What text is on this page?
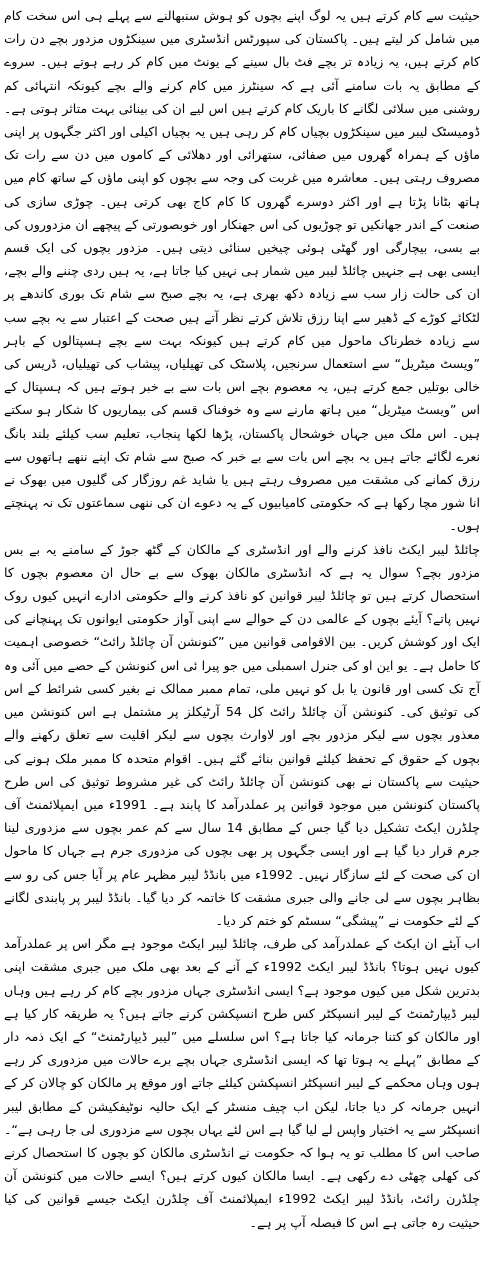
حیثیت سے کام کرتے ہیں یہ لوگ اپنے بچوں کو ہوش سنبھالنے سے پہلے ہی اس سخت کام میں شامل کر لیتے ہیں۔ پاکستان کی سپورٹس انڈسٹری میں سینکڑوں مزدور بچے دن رات کام کرتے ہیں، یہ زیادہ تر بچے فٹ بال سینے کے یونٹ میں کام کر رہے ہوتے ہیں۔ سروے کے مطابق یہ بات سامنے آئی ہے کہ سینٹرز میں کام کرنے والے بچے کیونکہ انتہائی کم روشنی میں سلائی لگانے کا باریک کام کرتے ہیں اس لیے ان کی بینائی بہت متاثر ہوتی ہے۔ ڈومیسٹک لیبر میں سینکڑوں بچیاں کام کر رہی ہیں یہ بچیاں اکیلی اور اکثر جگہوں پر اپنی ماؤں کے ہمراہ گھروں میں صفائی، ستھرائی اور دھلائی کے کاموں میں دن سے رات تک مصروف رہتی ہیں۔ معاشرہ میں غربت کی وجہ سے بچوں کو اپنی ماؤں کے ساتھ کام میں ہاتھ بٹانا پڑتا ہے اور اکثر دوسرے گھروں کا کام کاج بھی کرتی ہیں۔ چوڑی سازی کی صنعت کے اندر جھانکیں تو چوڑیوں کی اس جھنکار اور خوبصورتی کے پیچھے ان مزدوروں کی بے بسی، بیچارگی اور گھٹی ہوئی چیخیں سنائی دیتی ہیں۔ مزدور بچوں کی ایک قسم ایسی بھی ہے جنہیں چائلڈ لیبر میں شمار ہی نہیں کیا جاتا ہے، یہ ہیں ردی چننے والے بچے، ان کی حالت زار سب سے زیادہ دکھ بھری ہے، یہ بچے صبح سے شام تک بوری کاندھے پر لٹکائے کوڑے کے ڈھیر سے اپنا رزق تلاش کرتے نظر آتے ہیں صحت کے اعتبار سے یہ بچے سب سے زیادہ خطرناک ماحول میں کام کرتے ہیں کیونکہ بہت سے بچے ہسپتالوں کے باہر ”ویسٹ میٹریل“ سے استعمال سرنجیں، پلاسٹک کی تھیلیاں، پیشاب کی تھیلیاں، ڈریس کی خالی بوتلیں جمع کرتے ہیں، یہ معصوم بچے اس بات سے بے خبر ہوتے ہیں کہ ہسپتال کے اس ”ویسٹ میٹریل“ میں ہاتھ مارنے سے وہ خوفناک قسم کی بیماریوں کا شکار ہو سکتے ہیں۔ اس ملک میں جہاں خوشحال پاکستان، پڑھا لکھا پنجاب، تعلیم سب کیلئے بلند بانگ نعرے لگائے جاتے ہیں یہ بچے اس بات سے بے خبر کہ صبح سے شام تک اپنے ننھے ہاتھوں سے رزق کمانے کی مشقت میں مصروف رہتے ہیں یا شاید غم روزگار کی گلیوں میں بھوک نے انا شور مچا رکھا ہے کہ حکومتی کامیابیوں کے یہ دعوے ان کی ننھی سماعتوں تک نہ پہنچتے ہوں۔

چائلڈ لیبر ایکٹ نافذ کرنے والے اور انڈسٹری کے مالکان کے گٹھ جوڑ کے سامنے یہ بے بس مزدور بچے؟ سوال یہ ہے کہ انڈسٹری مالکان بھوک سے بے حال ان معصوم بچوں کا استحصال کرتے ہیں تو چائلڈ لیبر قوانین کو نافذ کرنے والے حکومتی ادارے انہیں کیوں روک نہیں پاتے؟ آیئے بچوں کے عالمی دن کے حوالے سے اپنی آواز حکومتی ایوانوں تک پہنچانے کی ایک اور کوشش کریں۔ بین الاقوامی قوانین میں ”کنونشن آن چائلڈ رائٹ“ خصوصی اہمیت کا حامل ہے۔ یو این او کی جنرل اسمبلی میں جو پیرا ئی اس کنونشن کے حصے میں آئی وہ آج تک کسی اور قانون یا بل کو نہیں ملی، تمام ممبر ممالک نے بغیر کسی شرائط کے اس کی توثیق کی۔ کنونشن آن چائلڈ رائٹ کل 54 آرٹیکلز پر مشتمل ہے اس کنونشن میں معذور بچوں سے لیکر مزدور بچے اور لاوارث بچوں سے لیکر اقلیت سے تعلق رکھنے والے بچوں کے حقوق کے تحفظ کیلئے قوانین بنائے گئے ہیں۔ اقوام متحدہ کا ممبر ملک ہونے کی حیثیت سے پاکستان نے بھی کنونشن آن چائلڈ رائٹ کی غیر مشروط توثیق کی اس طرح پاکستان کنونشن میں موجود قوانین پر عملدرآمد کا پابند ہے۔ 1991ء میں ایمپلائمنٹ آف چلڈرن ایکٹ تشکیل دیا گیا جس کے مطابق 14 سال سے کم عمر بچوں سے مزدوری لینا جرم قرار دیا گیا ہے اور ایسی جگہوں پر بھی بچوں کی مزدوری جرم ہے جہاں کا ماحول ان کی صحت کے لئے سازگار نہیں۔ 1992ء میں بانڈڈ لیبر مظہر عام پر آیا جس کی رو سے بظاہر بچوں سے لی جانے والی جبری مشقت کا خاتمہ کر دیا گیا۔ بانڈڈ لیبر پر پابندی لگانے کے لئے حکومت نے ”پیشگی“ سسٹم کو ختم کر دیا۔

اب آیئے ان ایکٹ کے عملدرآمد کی طرف، چائلڈ لیبر ایکٹ موجود ہے مگر اس پر عملدرآمد کیوں نہیں ہوتا؟ بانڈڈ لیبر ایکٹ 1992ء کے آنے کے بعد بھی ملک میں جبری مشقت اپنی بدترین شکل میں کیوں موجود ہے؟ ایسی انڈسٹری جہاں مزدور بچے کام کر رہے ہیں وہاں لیبر ڈیپارٹمنٹ کے لیبر انسپکٹر کس طرح انسپکشن کرنے جاتے ہیں؟ یہ طریقہ کار کیا ہے اور مالکان کو کتنا جرمانہ کیا جاتا ہے؟ اس سلسلے میں ”لیبر ڈیپارٹمنٹ“ کے ایک ذمہ دار کے مطابق ”پہلے یہ ہوتا تھا کہ ایسی انڈسٹری جہاں بچے برے حالات میں مزدوری کر رہے ہوں وہاں محکمے کے لیبر انسپکٹر انسپکشن کیلئے جاتے اور موقع پر مالکان کو چالان کر کے انہیں جرمانہ کر دیا جاتا، لیکن اب چیف منسٹر کے ایک حالیہ نوٹیفکیشن کے مطابق لیبر انسپکٹر سے یہ اختیار واپس لے لیا گیا ہے اس لئے یہاں بچوں سے مزدوری لی جا رہی ہے“۔ صاحب اس کا مطلب تو یہ ہوا کہ حکومت نے انڈسٹری مالکان کو بچوں کا استحصال کرنے کی کھلی چھٹی دے رکھی ہے۔ ایسا مالکان کیوں کرتے ہیں؟ ایسے حالات میں کنونشن آن چلڈرن رائٹ، بانڈڈ لیبر ایکٹ 1992ء ایمپلائمنٹ آف چلڈرن ایکٹ جیسے قوانین کی کیا حیثیت رہ جاتی ہے اس کا فیصلہ آپ پر ہے۔
